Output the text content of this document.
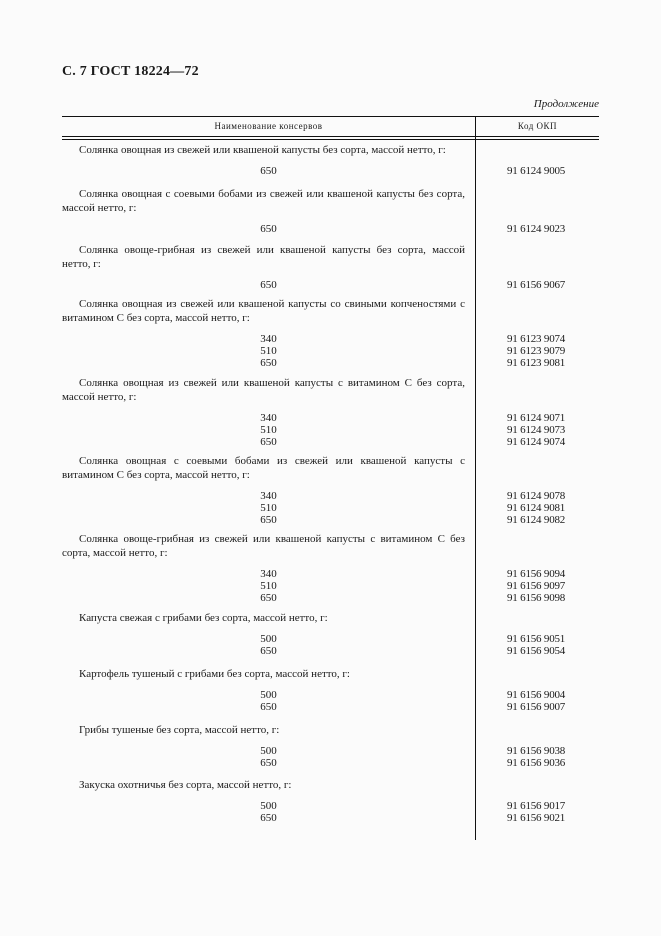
С. 7 ГОСТ 18224—72
Продолжение
Наименование консервов	Код ОКП
Солянка овощная из свежей или квашеной капусты без сорта, массой нетто, г:
650	91 6124 9005
Солянка овощная с соевыми бобами из свежей или квашеной капусты без сорта, массой нетто, г:
650	91 6124 9023
Солянка овоще-грибная из свежей или квашеной капусты без сорта, массой нетто, г:
650	91 6156 9067
Солянка овощная из свежей или квашеной капусты со свиными копченостями с витамином С без сорта, массой нетто, г:
340	91 6123 9074
510	91 6123 9079
650	91 6123 9081
Солянка овощная из свежей или квашеной капусты с витамином С без сорта, массой нетто, г:
340	91 6124 9071
510	91 6124 9073
650	91 6124 9074
Солянка овощная с соевыми бобами из свежей или квашеной капусты с витамином С без сорта, массой нетто, г:
340	91 6124 9078
510	91 6124 9081
650	91 6124 9082
Солянка овоще-грибная из свежей или квашеной капусты с витамином С без сорта, массой нетто, г:
340	91 6156 9094
510	91 6156 9097
650	91 6156 9098
Капуста свежая с грибами без сорта, массой нетто, г:
500	91 6156 9051
650	91 6156 9054
Картофель тушеный с грибами без сорта, массой нетто, г:
500	91 6156 9004
650	91 6156 9007
Грибы тушеные без сорта, массой нетто, г:
500	91 6156 9038
650	91 6156 9036
Закуска охотничья без сорта, массой нетто, г:
500	91 6156 9017
650	91 6156 9021
